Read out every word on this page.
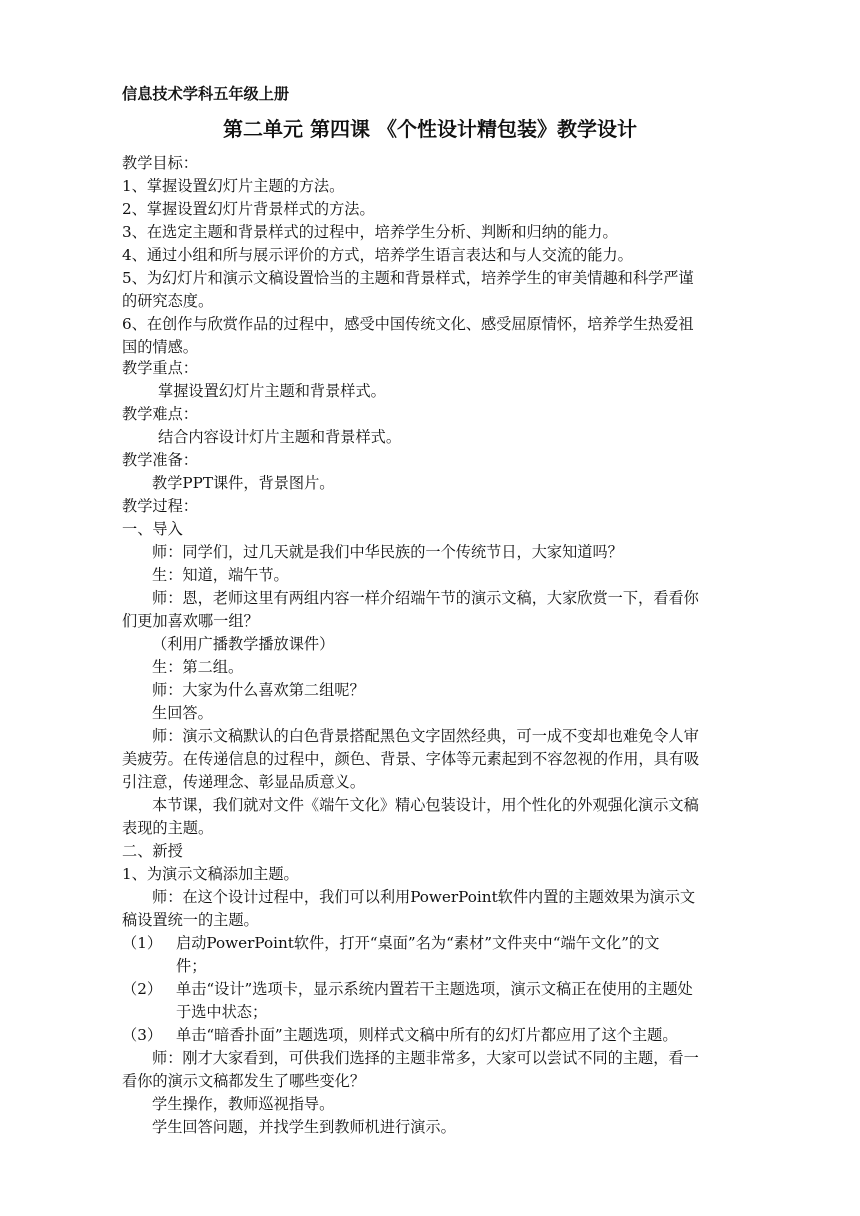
信息技术学科五年级上册
第二单元 第四课 《个性设计精包装》教学设计
教学目标：
1、掌握设置幻灯片主题的方法。
2、掌握设置幻灯片背景样式的方法。
3、在选定主题和背景样式的过程中，培养学生分析、判断和归纳的能力。
4、通过小组和所与展示评价的方式，培养学生语言表达和与人交流的能力。
5、为幻灯片和演示文稿设置恰当的主题和背景样式，培养学生的审美情趣和科学严谨
的研究态度。
6、在创作与欣赏作品的过程中，感受中国传统文化、感受屈原情怀，培养学生热爱祖
国的情感。
教学重点：
掌握设置幻灯片主题和背景样式。
教学难点：
结合内容设计灯片主题和背景样式。
教学准备：
教学PPT课件，背景图片。
教学过程：
一、导入
师：同学们，过几天就是我们中华民族的一个传统节日，大家知道吗？
生：知道，端午节。
师：恩，老师这里有两组内容一样介绍端午节的演示文稿，大家欣赏一下，看看你
们更加喜欢哪一组？
（利用广播教学播放课件）
生：第二组。
师：大家为什么喜欢第二组呢？
生回答。
师：演示文稿默认的白色背景搭配黑色文字固然经典，可一成不变却也难免令人审
美疲劳。在传递信息的过程中，颜色、背景、字体等元素起到不容忽视的作用，具有吸
引注意，传递理念、彰显品质意义。
本节课，我们就对文件《端午文化》精心包装设计，用个性化的外观强化演示文稿
表现的主题。
二、新授
1、为演示文稿添加主题。
师：在这个设计过程中，我们可以利用PowerPoint软件内置的主题效果为演示文
稿设置统一的主题。
（1） 启动PowerPoint软件，打开“桌面”名为“素材”文件夹中“端午文化”的文
件；
（2） 单击“设计”选项卡，显示系统内置若干主题选项，演示文稿正在使用的主题处
于选中状态；
（3） 单击“暗香扑面”主题选项，则样式文稿中所有的幻灯片都应用了这个主题。
师：刚才大家看到，可供我们选择的主题非常多，大家可以尝试不同的主题，看一
看你的演示文稿都发生了哪些变化？
学生操作，教师巡视指导。
学生回答问题，并找学生到教师机进行演示。
